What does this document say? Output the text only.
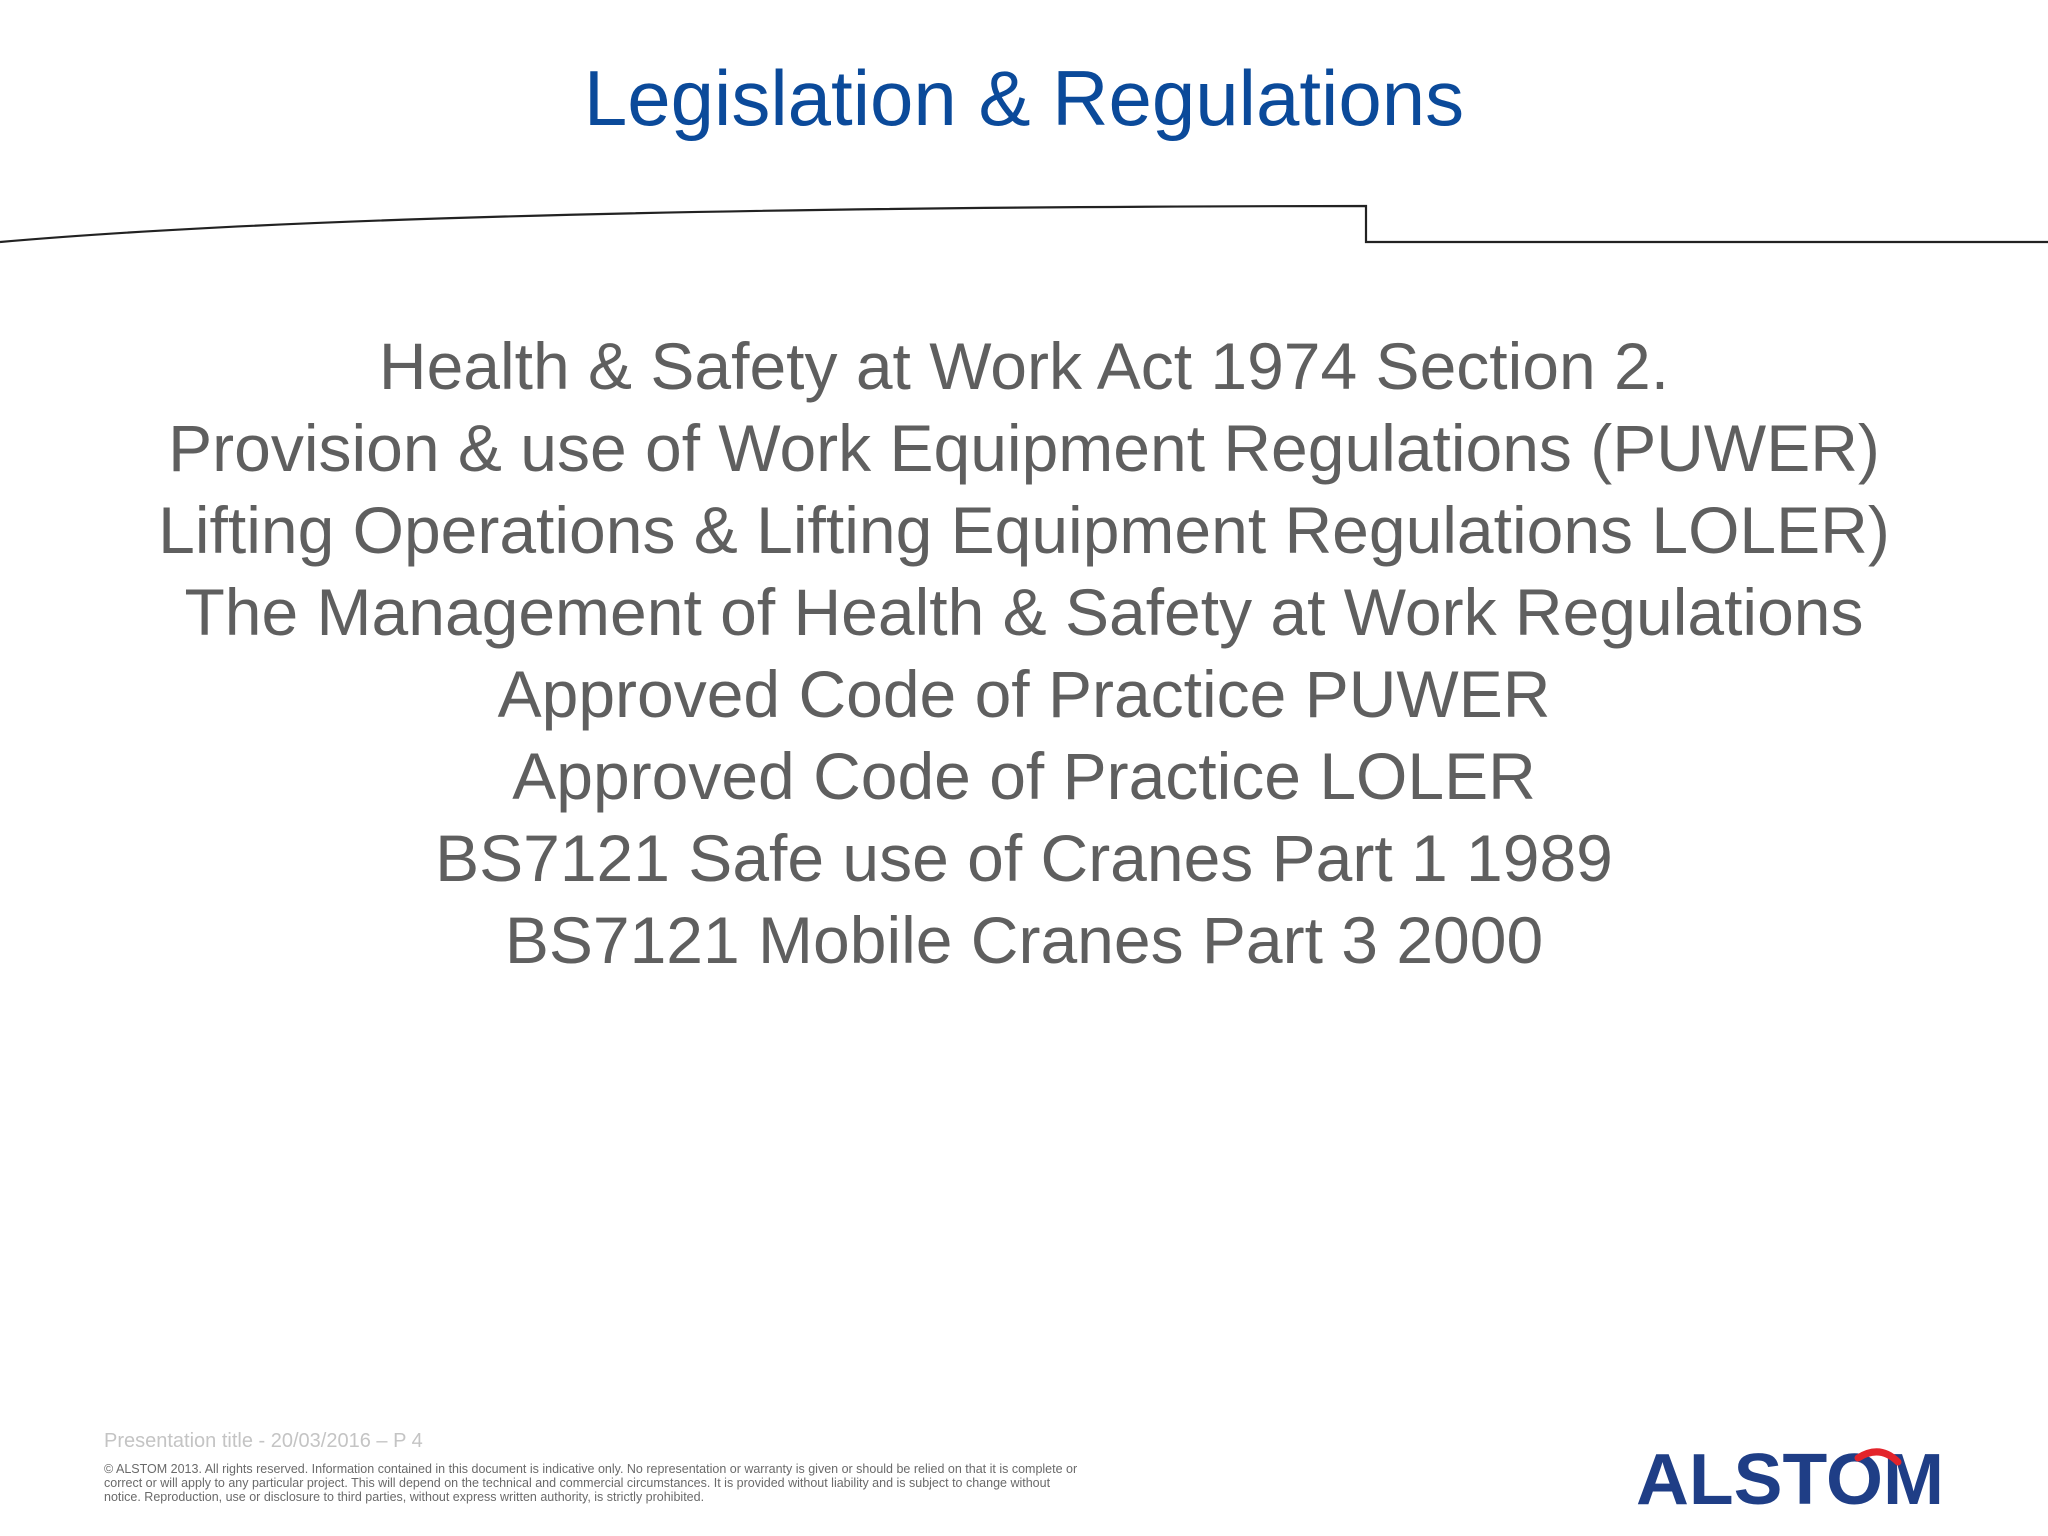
Legislation & Regulations
Health & Safety at Work Act 1974 Section 2.
Provision & use of Work Equipment Regulations (PUWER)
Lifting Operations & Lifting Equipment Regulations LOLER)
The Management of Health & Safety at Work Regulations
Approved Code of Practice PUWER
Approved Code of Practice LOLER
BS7121 Safe use of Cranes Part 1 1989
BS7121 Mobile Cranes Part 3 2000
Presentation title - 20/03/2016 – P 4
© ALSTOM 2013. All rights reserved. Information contained in this document is indicative only. No representation or warranty is given or should be relied on that it is complete or correct or will apply to any particular project. This will depend on the technical and commercial circumstances. It is provided without liability and is subject to change without notice. Reproduction, use or disclosure to third parties, without express written authority, is strictly prohibited.	ALSTOM
